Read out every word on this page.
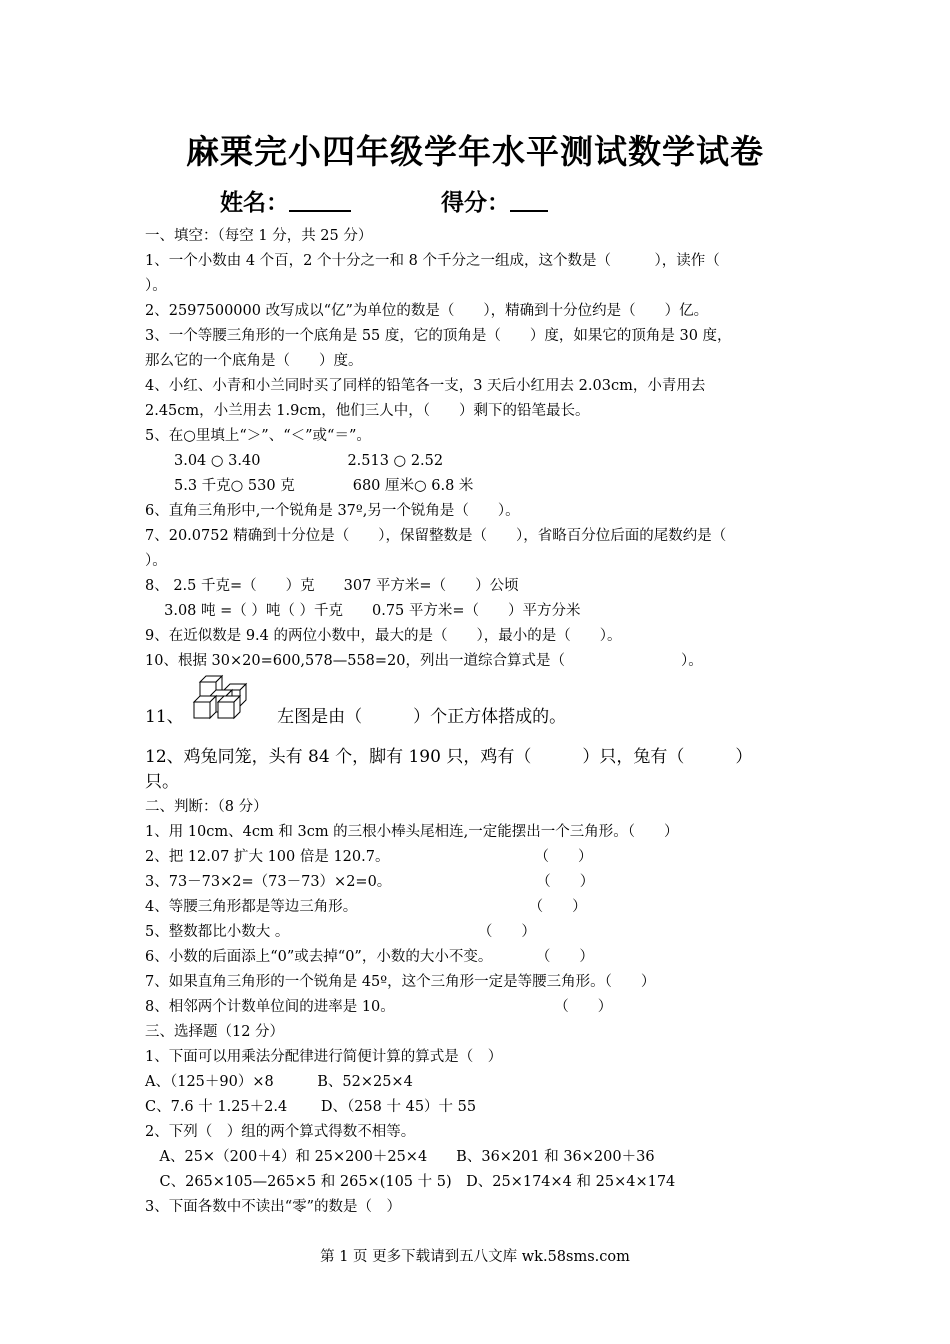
麻栗完小四年级学年水平测试数学试卷
姓名：	得分：
一、填空：（每空 1 分，共 25 分）
1、一个小数由 4 个百，2 个十分之一和 8 个千分之一组成，这个数是（　　　），读作（
）。
2、2597500000 改写成以“亿”为单位的数是（　　），精确到十分位约是（　　）亿。
3、一个等腰三角形的一个底角是 55 度，它的顶角是（　　）度，如果它的顶角是 30 度，
那么它的一个底角是（　　）度。
4、小红、小青和小兰同时买了同样的铅笔各一支，3 天后小红用去 2.03cm，小青用去
2.45cm，小兰用去 1.9cm，他们三人中，（　　）剩下的铅笔最长。
5、在○里填上“＞”、“＜”或“＝”。
　　3.04 ○ 3.40　　　　　　2.513 ○ 2.52
　　5.3 千克○ 530 克　　　　680 厘米○ 6.8 米
6、直角三角形中,一个锐角是 37º,另一个锐角是（　　）。
7、20.0752 精确到十分位是（　　），保留整数是（　　），省略百分位后面的尾数约是（
）。
8、 2.5 千克=（　　）克　　307 平方米=（　　）公顷
　 3.08 吨 =（ ）吨（ ）千克　　0.75 平方米=（　　）平方分米
9、在近似数是 9.4 的两位小数中，最大的是（　　），最小的是（　　）。
10、根据 30×20=600,578—558=20，列出一道综合算式是（　　　　　　　　）。
11、　　　　　　左图是由（　　　）个正方体搭成的。
12、鸡兔同笼，头有 84 个，脚有 190 只，鸡有（　　　）只，兔有（　　　）
只。
二、判断：（8 分）
1、用 10cm、4cm 和 3cm 的三根小棒头尾相连,一定能摆出一个三角形。（　　）
2、把 12.07 扩大 100 倍是 120.7。　　　　　　　　　　　（　　）
3、73－73×2=（73－73）×2=0。　　　　　　　　　　　（　　）
4、等腰三角形都是等边三角形。　　　　　　　　　　　　 （　　）
5、整数都比小数大 。　　　　　　　　　　　　　　（　　）
6、小数的后面添上“0”或去掉“0”，小数的大小不变。　　　　（　　）
7、如果直角三角形的一个锐角是 45º，这个三角形一定是等腰三角形。（　　）
8、相邻两个计数单位间的进率是 10。　　　　　　　　　　　　（　　）
三、选择题（12 分）
1、下面可以用乘法分配律进行简便计算的算式是（　）
A、（125＋90）×8　　　B、52×25×4
C、7.6 十 1.25＋2.4　　 D、（258 十 45）十 55
2、下列（　）组的两个算式得数不相等。
　A、25×（200＋4）和 25×200＋25×4　　B、36×201 和 36×200＋36
　C、265×105—265×5 和 265×(105 十 5)　D、25×174×4 和 25×4×174
3、下面各数中不读出“零”的数是（　）
第 1 页 更多下载请到五八文库 wk.58sms.com
